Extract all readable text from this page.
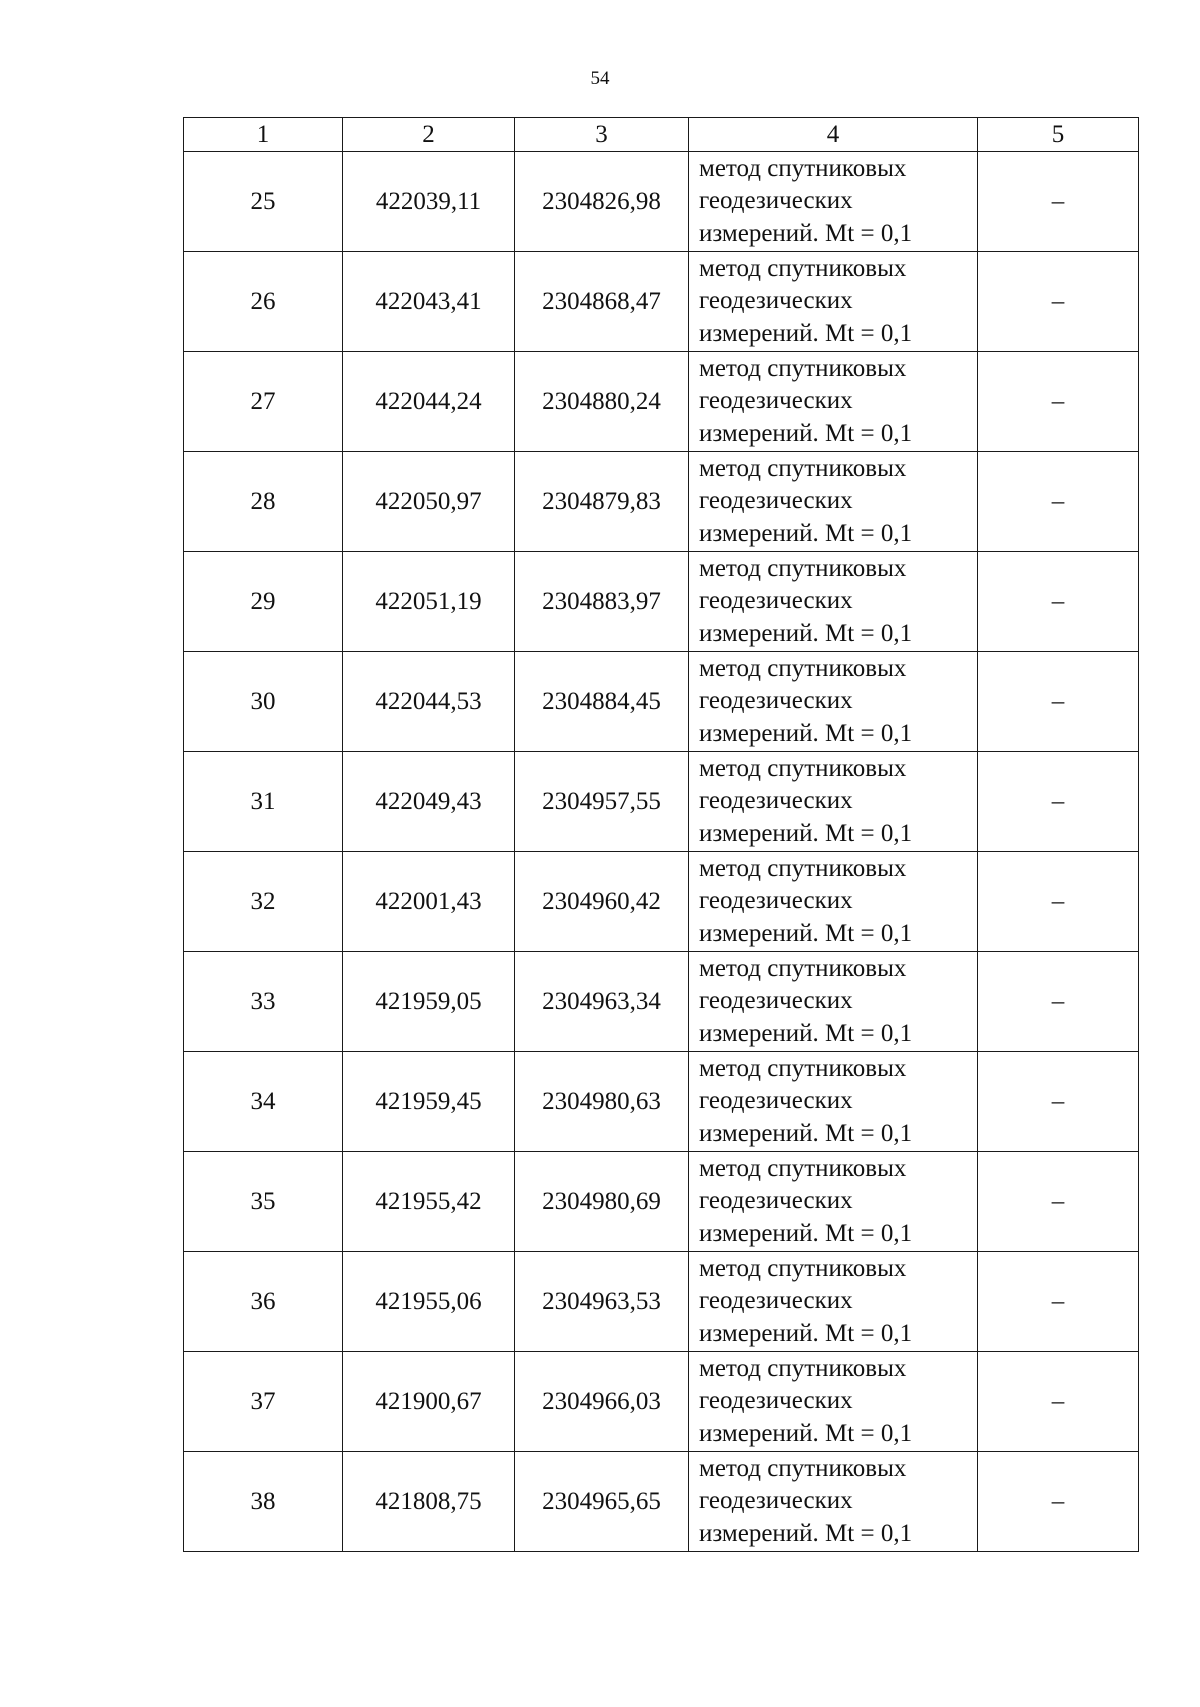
54
1	2	3	4	5
25	422039,11	2304826,98	метод спутниковых
геодезических
измерений. Mt = 0,1	–
26	422043,41	2304868,47	метод спутниковых
геодезических
измерений. Mt = 0,1	–
27	422044,24	2304880,24	метод спутниковых
геодезических
измерений. Mt = 0,1	–
28	422050,97	2304879,83	метод спутниковых
геодезических
измерений. Mt = 0,1	–
29	422051,19	2304883,97	метод спутниковых
геодезических
измерений. Mt = 0,1	–
30	422044,53	2304884,45	метод спутниковых
геодезических
измерений. Mt = 0,1	–
31	422049,43	2304957,55	метод спутниковых
геодезических
измерений. Mt = 0,1	–
32	422001,43	2304960,42	метод спутниковых
геодезических
измерений. Mt = 0,1	–
33	421959,05	2304963,34	метод спутниковых
геодезических
измерений. Mt = 0,1	–
34	421959,45	2304980,63	метод спутниковых
геодезических
измерений. Mt = 0,1	–
35	421955,42	2304980,69	метод спутниковых
геодезических
измерений. Mt = 0,1	–
36	421955,06	2304963,53	метод спутниковых
геодезических
измерений. Mt = 0,1	–
37	421900,67	2304966,03	метод спутниковых
геодезических
измерений. Mt = 0,1	–
38	421808,75	2304965,65	метод спутниковых
геодезических
измерений. Mt = 0,1	–
